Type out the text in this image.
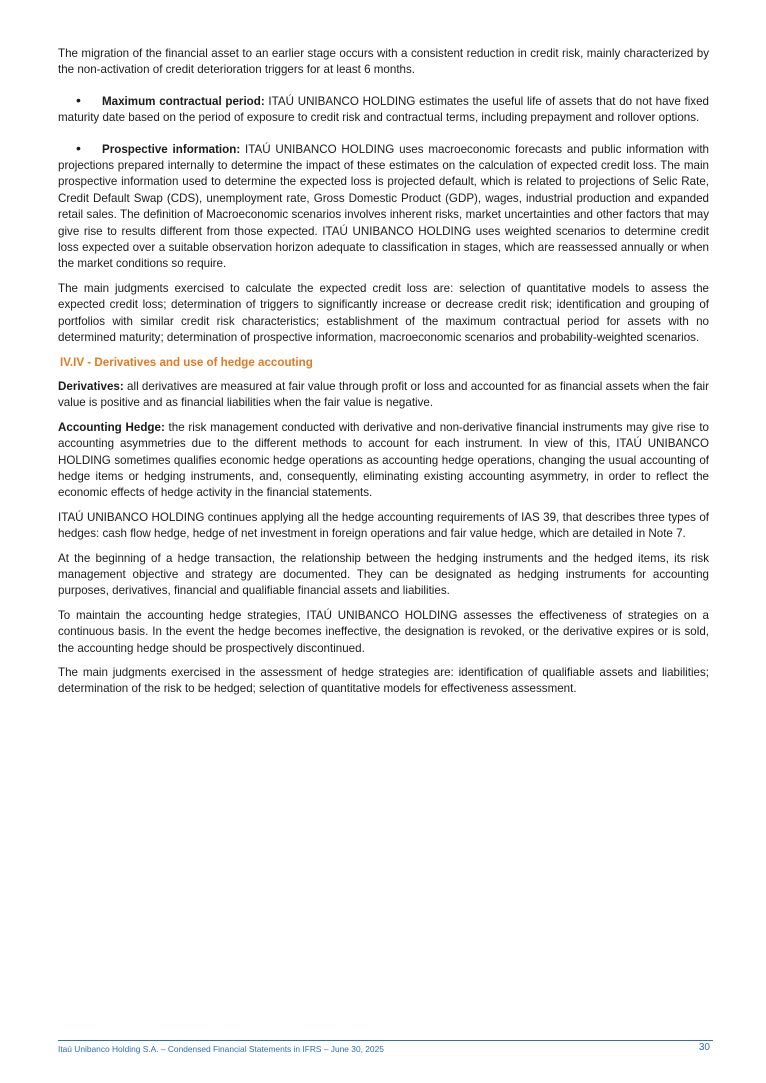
The migration of the financial asset to an earlier stage occurs with a consistent reduction in credit risk, mainly characterized by the non-activation of credit deterioration triggers for at least 6 months.

• Maximum contractual period: ITAÚ UNIBANCO HOLDING estimates the useful life of assets that do not have fixed maturity date based on the period of exposure to credit risk and contractual terms, including prepayment and rollover options.

• Prospective information: ITAÚ UNIBANCO HOLDING uses macroeconomic forecasts and public information with projections prepared internally to determine the impact of these estimates on the calculation of expected credit loss. The main prospective information used to determine the expected loss is projected default, which is related to projections of Selic Rate, Credit Default Swap (CDS), unemployment rate, Gross Domestic Product (GDP), wages, industrial production and expanded retail sales. The definition of Macroeconomic scenarios involves inherent risks, market uncertainties and other factors that may give rise to results different from those expected. ITAÚ UNIBANCO HOLDING uses weighted scenarios to determine credit loss expected over a suitable observation horizon adequate to classification in stages, which are reassessed annually or when the market conditions so require.

The main judgments exercised to calculate the expected credit loss are: selection of quantitative models to assess the expected credit loss; determination of triggers to significantly increase or decrease credit risk; identification and grouping of portfolios with similar credit risk characteristics; establishment of the maximum contractual period for assets with no determined maturity; determination of prospective information, macroeconomic scenarios and probability-weighted scenarios.

IV.IV - Derivatives and use of hedge accouting

Derivatives: all derivatives are measured at fair value through profit or loss and accounted for as financial assets when the fair value is positive and as financial liabilities when the fair value is negative.

Accounting Hedge: the risk management conducted with derivative and non-derivative financial instruments may give rise to accounting asymmetries due to the different methods to account for each instrument. In view of this, ITAÚ UNIBANCO HOLDING sometimes qualifies economic hedge operations as accounting hedge operations, changing the usual accounting of hedge items or hedging instruments, and, consequently, eliminating existing accounting asymmetry, in order to reflect the economic effects of hedge activity in the financial statements.

ITAÚ UNIBANCO HOLDING continues applying all the hedge accounting requirements of IAS 39, that describes three types of hedges: cash flow hedge, hedge of net investment in foreign operations and fair value hedge, which are detailed in Note 7.

At the beginning of a hedge transaction, the relationship between the hedging instruments and the hedged items, its risk management objective and strategy are documented. They can be designated as hedging instruments for accounting purposes, derivatives, financial and qualifiable financial assets and liabilities.

To maintain the accounting hedge strategies, ITAÚ UNIBANCO HOLDING assesses the effectiveness of strategies on a continuous basis. In the event the hedge becomes ineffective, the designation is revoked, or the derivative expires or is sold, the accounting hedge should be prospectively discontinued.

The main judgments exercised in the assessment of hedge strategies are: identification of qualifiable assets and liabilities; determination of the risk to be hedged; selection of quantitative models for effectiveness assessment.

Itaú Unibanco Holding S.A. – Condensed Financial Statements in IFRS – June 30, 2025	30
